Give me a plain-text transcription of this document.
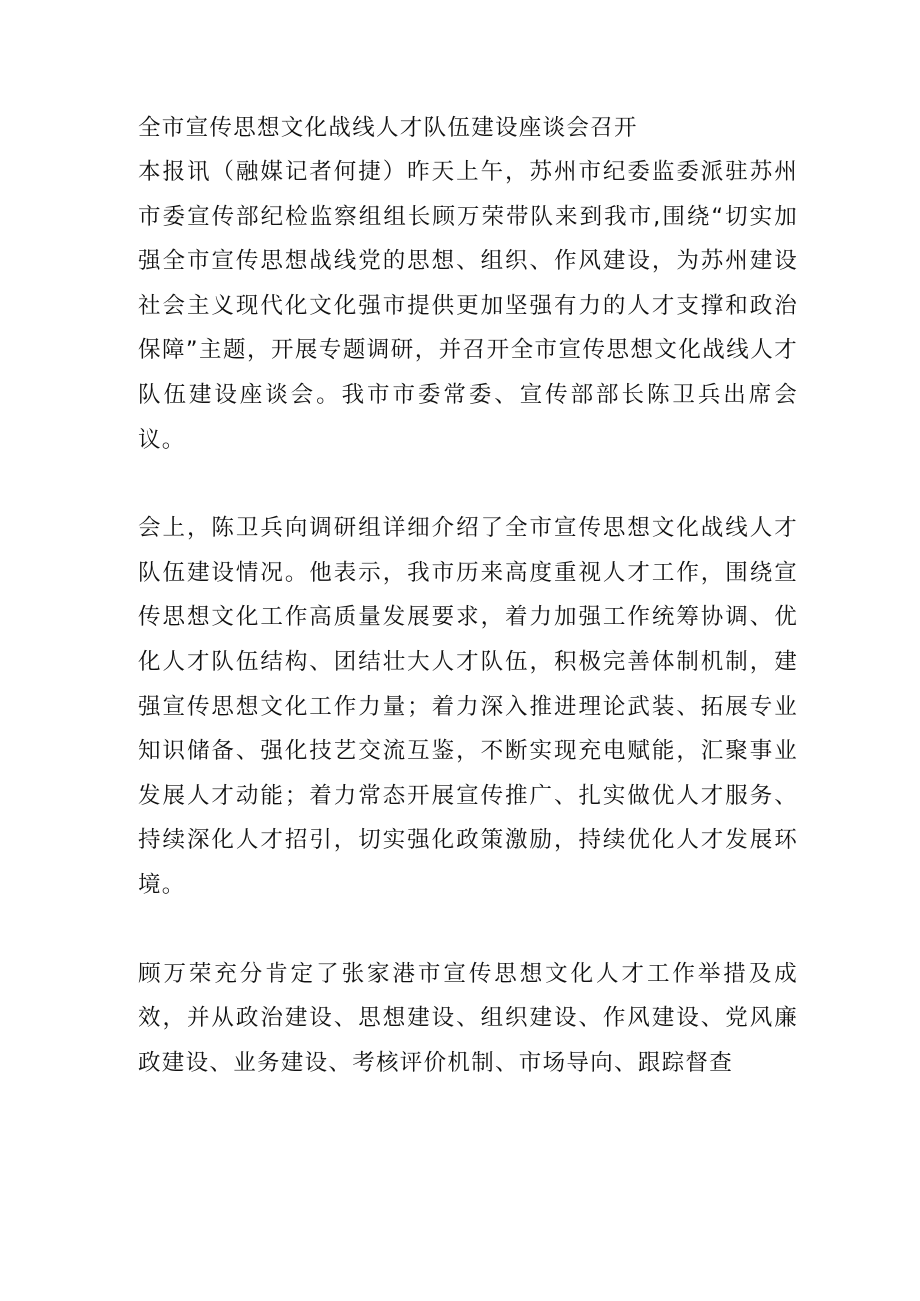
全市宣传思想文化战线人才队伍建设座谈会召开

本报讯（融媒记者何捷）昨天上午，苏州市纪委监委派驻苏州市委宣传部纪检监察组组长顾万荣带队来到我市,围绕“切实加强全市宣传思想战线党的思想、组织、作风建设，为苏州建设社会主义现代化文化强市提供更加坚强有力的人才支撑和政治保障”主题，开展专题调研，并召开全市宣传思想文化战线人才队伍建设座谈会。我市市委常委、宣传部部长陈卫兵出席会议。

会上，陈卫兵向调研组详细介绍了全市宣传思想文化战线人才队伍建设情况。他表示，我市历来高度重视人才工作，围绕宣传思想文化工作高质量发展要求，着力加强工作统筹协调、优化人才队伍结构、团结壮大人才队伍，积极完善体制机制，建强宣传思想文化工作力量；着力深入推进理论武装、拓展专业知识储备、强化技艺交流互鉴，不断实现充电赋能，汇聚事业发展人才动能；着力常态开展宣传推广、扎实做优人才服务、持续深化人才招引，切实强化政策激励，持续优化人才发展环境。

顾万荣充分肯定了张家港市宣传思想文化人才工作举措及成效，并从政治建设、思想建设、组织建设、作风建设、党风廉政建设、业务建设、考核评价机制、市场导向、跟踪督查
